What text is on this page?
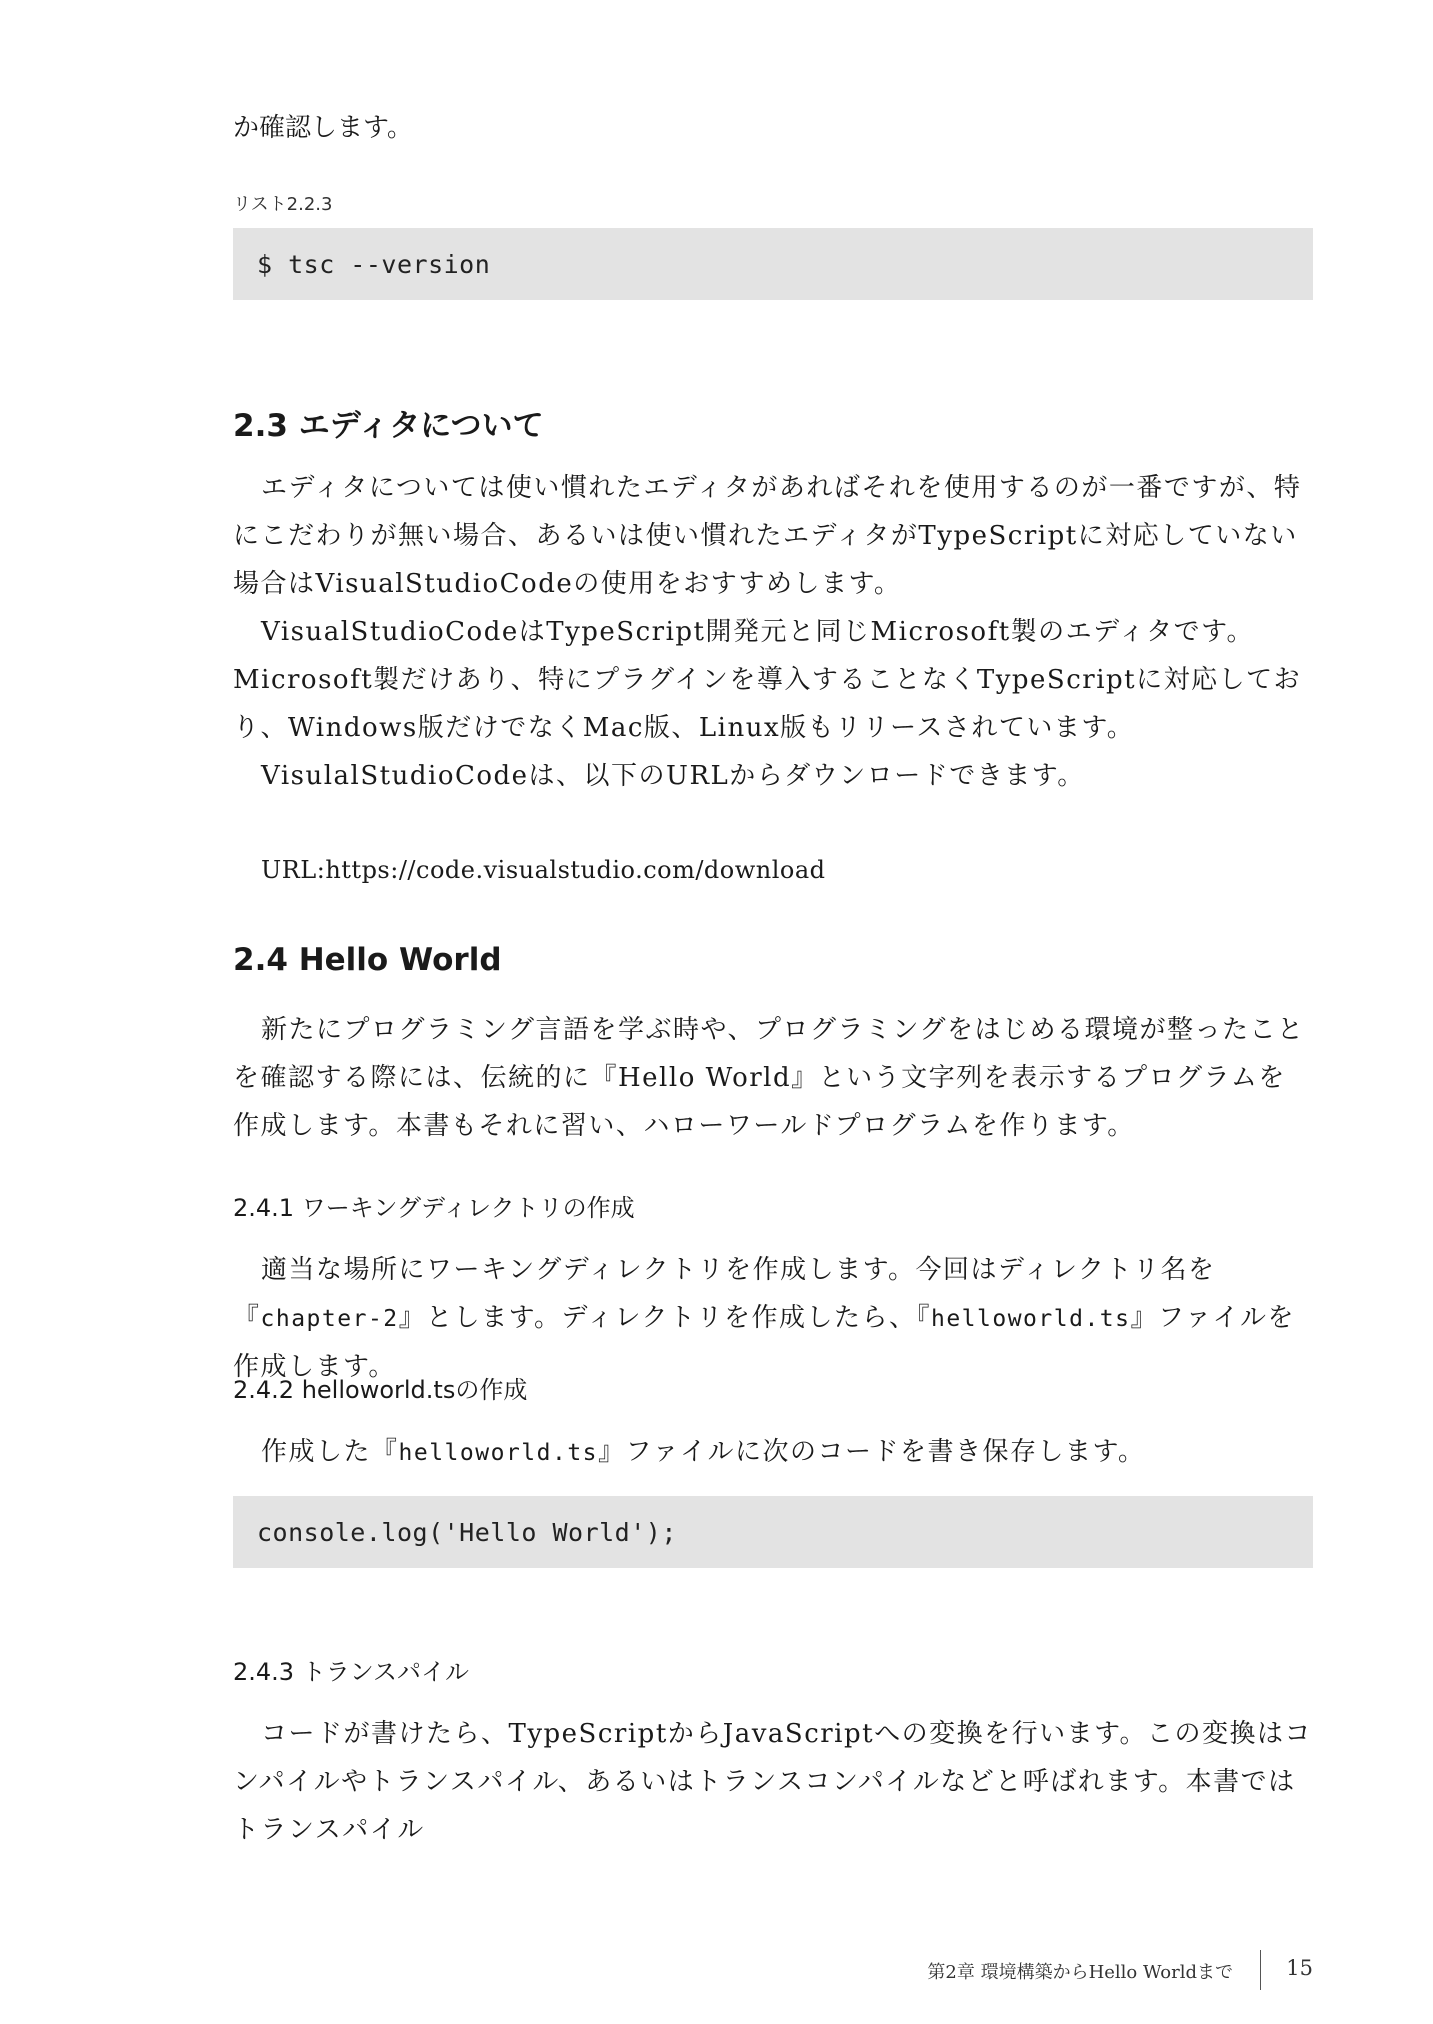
か確認します。
リスト2.2.3
$ tsc --version
2.3 エディタについて

エディタについては使い慣れたエディタがあればそれを使用するのが一番ですが、特にこだわりが無い場合、あるいは使い慣れたエディタがTypeScriptに対応していない場合はVisualStudioCodeの使用をおすすめします。

VisualStudioCodeはTypeScript開発元と同じMicrosoft製のエディタです。Microsoft製だけあり、特にプラグインを導入することなくTypeScriptに対応しており、Windows版だけでなくMac版、Linux版もリリースされています。

VisulalStudioCodeは、以下のURLからダウンロードできます。

URL:https://code.visualstudio.com/download
2.4 Hello World

新たにプログラミング言語を学ぶ時や、プログラミングをはじめる環境が整ったことを確認する際には、伝統的に『Hello World』という文字列を表示するプログラムを作成します。本書もそれに習い、ハローワールドプログラムを作ります。

2.4.1 ワーキングディレクトリの作成

適当な場所にワーキングディレクトリを作成します。今回はディレクトリ名を『chapter-2』とします。ディレクトリを作成したら、『helloworld.ts』ファイルを作成します。

2.4.2 helloworld.tsの作成

作成した『helloworld.ts』ファイルに次のコードを書き保存します。

console.log('Hello World');
2.4.3 トランスパイル

コードが書けたら、TypeScriptからJavaScriptへの変換を行います。この変換はコンパイルやトランスパイル、あるいはトランスコンパイルなどと呼ばれます。本書ではトランスパイル

第2章 環境構築からHello Worldまで	15
